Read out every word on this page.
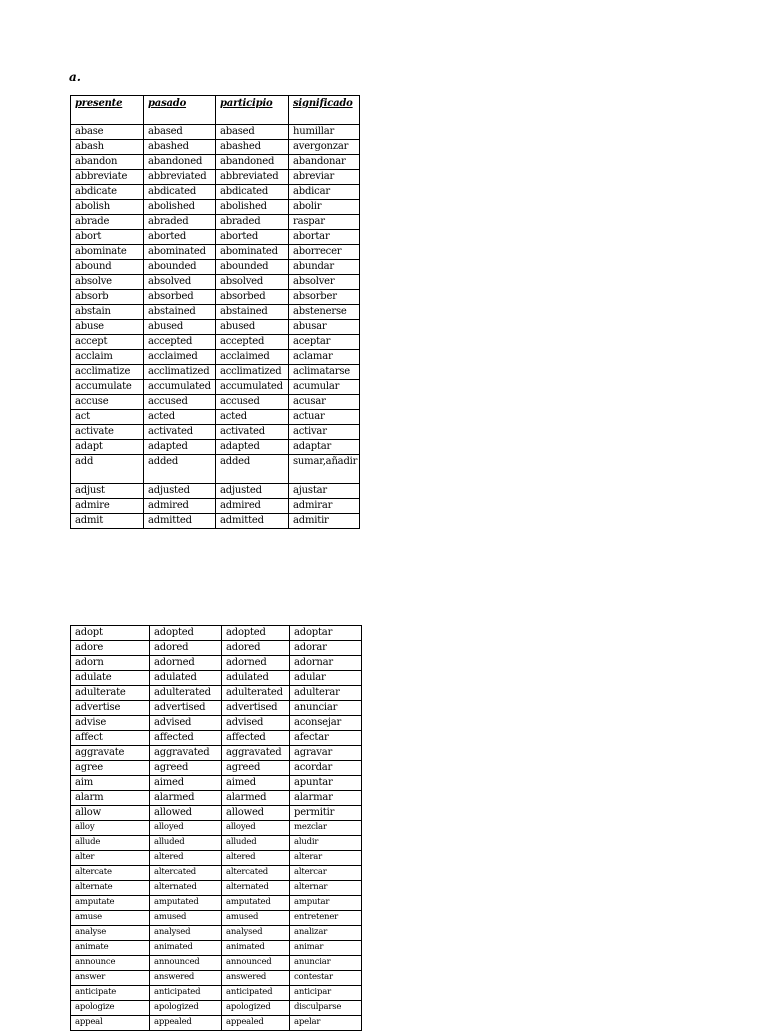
a.
presente	pasado	participio	significado
abase	abased	abased	humillar
abash	abashed	abashed	avergonzar
abandon	abandoned	abandoned	abandonar
abbreviate	abbreviated	abbreviated	abreviar
abdicate	abdicated	abdicated	abdicar
abolish	abolished	abolished	abolir
abrade	abraded	abraded	raspar
abort	aborted	aborted	abortar
abominate	abominated	abominated	aborrecer
abound	abounded	abounded	abundar
absolve	absolved	absolved	absolver
absorb	absorbed	absorbed	absorber
abstain	abstained	abstained	abstenerse
abuse	abused	abused	abusar
accept	accepted	accepted	aceptar
acclaim	acclaimed	acclaimed	aclamar
acclimatize	acclimatized	acclimatized	aclimatarse
accumulate	accumulated	accumulated	acumular
accuse	accused	accused	acusar
act	acted	acted	actuar
activate	activated	activated	activar
adapt	adapted	adapted	adaptar
add	added	added	sumar,añadir
adjust	adjusted	adjusted	ajustar
admire	admired	admired	admirar
admit	admitted	admitted	admitir
adopt	adopted	adopted	adoptar
adore	adored	adored	adorar
adorn	adorned	adorned	adornar
adulate	adulated	adulated	adular
adulterate	adulterated	adulterated	adulterar
advertise	advertised	advertised	anunciar
advise	advised	advised	aconsejar
affect	affected	affected	afectar
aggravate	aggravated	aggravated	agravar
agree	agreed	agreed	acordar
aim	aimed	aimed	apuntar
alarm	alarmed	alarmed	alarmar
allow	allowed	allowed	permitir
alloy	alloyed	alloyed	mezclar
allude	alluded	alluded	aludir
alter	altered	altered	alterar
altercate	altercated	altercated	altercar
alternate	alternated	alternated	alternar
amputate	amputated	amputated	amputar
amuse	amused	amused	entretener
analyse	analysed	analysed	analizar
animate	animated	animated	animar
announce	announced	announced	anunciar
answer	answered	answered	contestar
anticipate	anticipated	anticipated	anticipar
apologize	apologized	apologized	disculparse
appeal	appealed	appealed	apelar
